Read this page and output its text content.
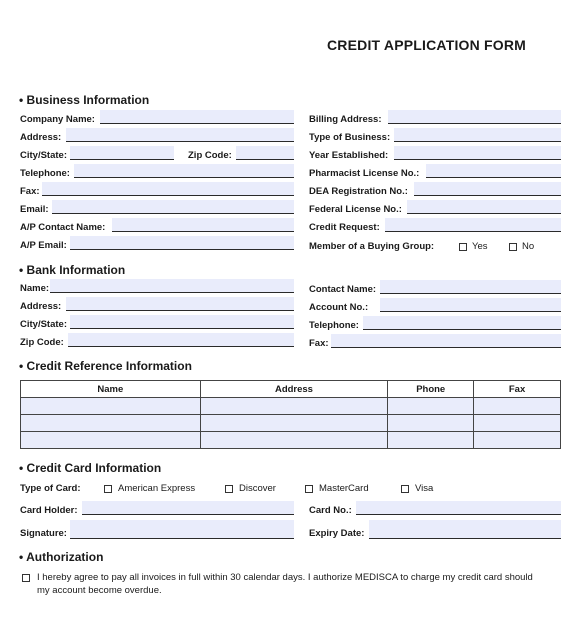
CREDIT APPLICATION FORM
• Business Information
Company Name:
Address:
City/State:	Zip Code:
Telephone:
Fax:
Email:
A/P Contact Name:
A/P Email:
Billing Address:
Type of Business:
Year Established:
Pharmacist License No.:
DEA Registration No.:
Federal License No.:
Credit Request:
Member of a Buying Group:	Yes	No
• Bank Information
Name:
Address:
City/State:
Zip Code:
Contact Name:
Account No.:
Telephone:
Fax:
• Credit Reference Information
Name	Address	Phone	Fax

• Credit Card Information
Type of Card:	American Express	Discover	MasterCard	Visa
Card Holder:	Card No.:
Signature:	Expiry Date:
• Authorization
I hereby agree to pay all invoices in full within 30 calendar days. I authorize MEDISCA to charge my credit card should
my account become overdue.
